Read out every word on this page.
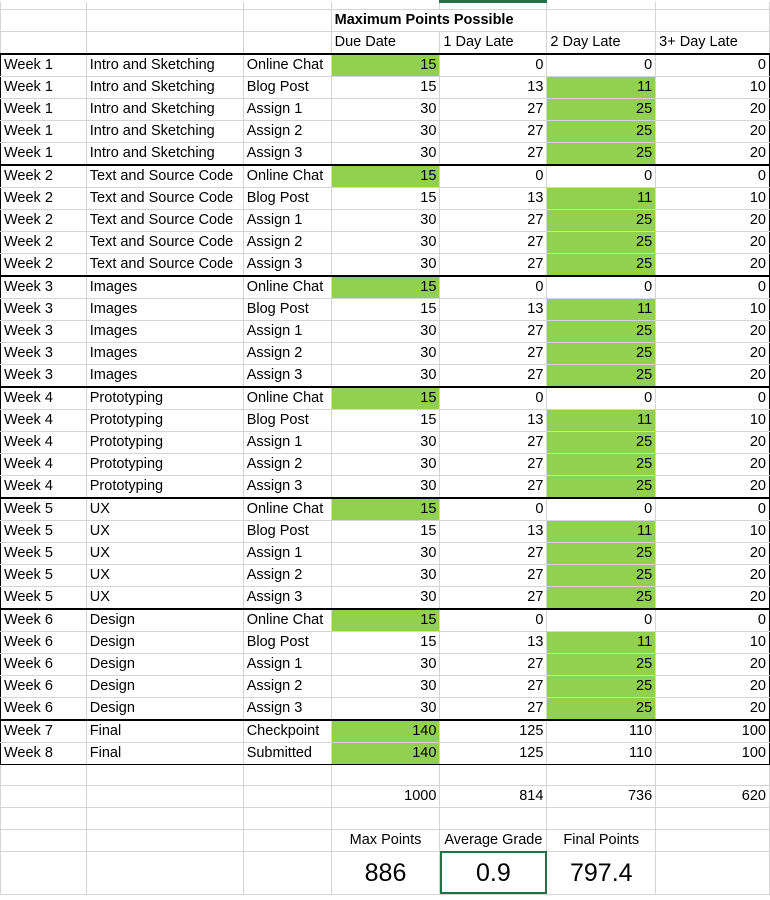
			Maximum Points Possible			
			Due Date	1 Day Late	2 Day Late	3+ Day Late
Week 1	Intro and Sketching	Online Chat	15	0	0	0
Week 1	Intro and Sketching	Blog Post	15	13	11	10
Week 1	Intro and Sketching	Assign 1	30	27	25	20
Week 1	Intro and Sketching	Assign 2	30	27	25	20
Week 1	Intro and Sketching	Assign 3	30	27	25	20
Week 2	Text and Source Code	Online Chat	15	0	0	0
Week 2	Text and Source Code	Blog Post	15	13	11	10
Week 2	Text and Source Code	Assign 1	30	27	25	20
Week 2	Text and Source Code	Assign 2	30	27	25	20
Week 2	Text and Source Code	Assign 3	30	27	25	20
Week 3	Images	Online Chat	15	0	0	0
Week 3	Images	Blog Post	15	13	11	10
Week 3	Images	Assign 1	30	27	25	20
Week 3	Images	Assign 2	30	27	25	20
Week 3	Images	Assign 3	30	27	25	20
Week 4	Prototyping	Online Chat	15	0	0	0
Week 4	Prototyping	Blog Post	15	13	11	10
Week 4	Prototyping	Assign 1	30	27	25	20
Week 4	Prototyping	Assign 2	30	27	25	20
Week 4	Prototyping	Assign 3	30	27	25	20
Week 5	UX	Online Chat	15	0	0	0
Week 5	UX	Blog Post	15	13	11	10
Week 5	UX	Assign 1	30	27	25	20
Week 5	UX	Assign 2	30	27	25	20
Week 5	UX	Assign 3	30	27	25	20
Week 6	Design	Online Chat	15	0	0	0
Week 6	Design	Blog Post	15	13	11	10
Week 6	Design	Assign 1	30	27	25	20
Week 6	Design	Assign 2	30	27	25	20
Week 6	Design	Assign 3	30	27	25	20
Week 7	Final	Checkpoint	140	125	110	100
Week 8	Final	Submitted	140	125	110	100

			1000	814	736	620

			Max Points	Average Grade	Final Points	
			886	0.9	797.4	
